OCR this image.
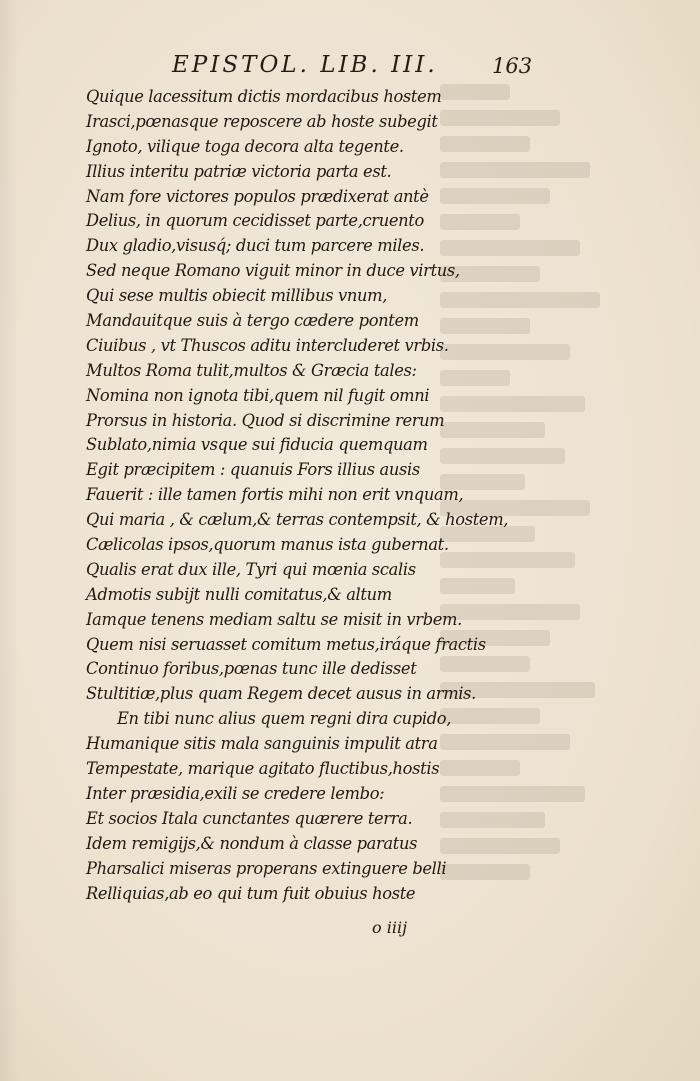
EPISTOL. LIB. III.	163
Quique lacessitum dictis mordacibus hostem
Irasci,pœnasque reposcere ab hoste subegit
Ignoto, vilique toga decora alta tegente.
Illius interitu patriæ victoria parta est.
Nam fore victores populos prædixerat antè
Delius, in quorum cecidisset parte,cruento
Dux gladio,visusq́; duci tum parcere miles.
Sed neque Romano viguit minor in duce virtus,
Qui sese multis obiecit millibus vnum,
Mandauitque suis à tergo cædere pontem
Ciuibus , vt Thuscos aditu intercluderet vrbis.
Multos Roma tulit,multos & Græcia tales:
Nomina non ignota tibi,quem nil fugit omni
Prorsus in historia. Quod si discrimine rerum
Sublato,nimia vsque sui fiducia quemquam
Egit præcipitem : quanuis Fors illius ausis
Fauerit : ille tamen fortis mihi non erit vnquam,
Qui maria , & cælum,& terras contempsit, & hostem,
Cælicolas ipsos,quorum manus ista gubernat.
Qualis erat dux ille, Tyri qui mœnia scalis
Admotis subijt nulli comitatus,& altum
Iamque tenens mediam saltu se misit in vrbem.
Quem nisi seruasset comitum metus,iráque fractis
Continuo foribus,pœnas tunc ille dedisset
Stultitiæ,plus quam Regem decet ausus in armis.
En tibi nunc alius quem regni dira cupido,
Humanique sitis mala sanguinis impulit atra
Tempestate, marique agitato fluctibus,hostis
Inter præsidia,exili se credere lembo:
Et socios Itala cunctantes quærere terra.
Idem remigijs,& nondum à classe paratus
Pharsalici miseras properans extinguere belli
Relliquias,ab eo qui tum fuit obuius hoste
o iiij
